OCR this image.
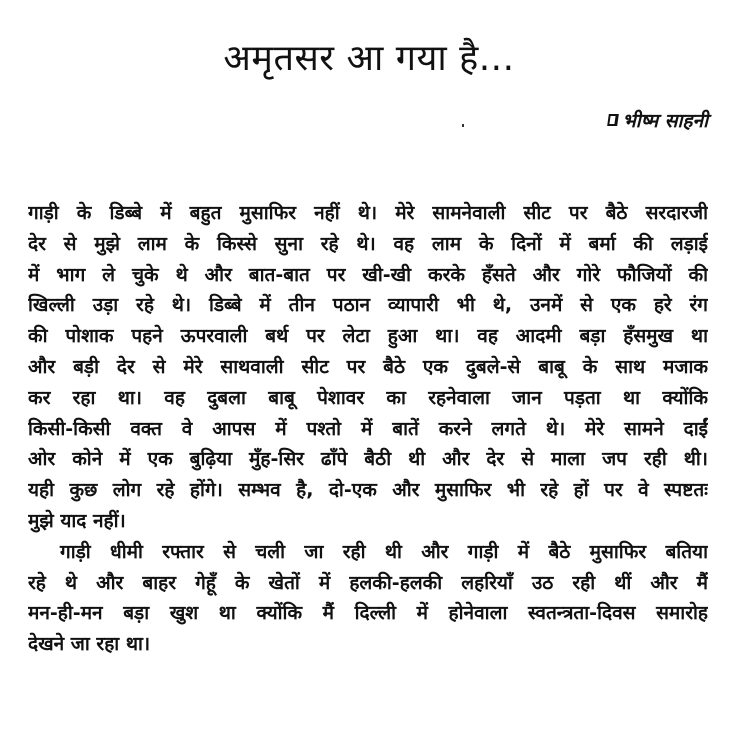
अमृतसर आ गया है...
भीष्म साहनी
गाड़ी के डिब्बे में बहुत मुसाफिर नहीं थे। मेरे सामनेवाली सीट पर बैठे सरदारजी
देर से मुझे लाम के किस्से सुना रहे थे। वह लाम के दिनों में बर्मा की लड़ाई
में भाग ले चुके थे और बात-बात पर खी-खी करके हँसते और गोरे फौजियों की
खिल्ली उड़ा रहे थे। डिब्बे में तीन पठान व्यापारी भी थे, उनमें से एक हरे रंग
की पोशाक पहने ऊपरवाली बर्थ पर लेटा हुआ था। वह आदमी बड़ा हँसमुख था
और बड़ी देर से मेरे साथवाली सीट पर बैठे एक दुबले-से बाबू के साथ मजाक
कर रहा था। वह दुबला बाबू पेशावर का रहनेवाला जान पड़ता था क्योंकि
किसी-किसी वक्त वे आपस में पश्तो में बातें करने लगते थे। मेरे सामने दाईं
ओर कोने में एक बुढ़िया मुँह-सिर ढाँपे बैठी थी और देर से माला जप रही थी।
यही कुछ लोग रहे होंगे। सम्भव है, दो-एक और मुसाफिर भी रहे हों पर वे स्पष्टतः
मुझे याद नहीं।
गाड़ी धीमी रफ्तार से चली जा रही थी और गाड़ी में बैठे मुसाफिर बतिया
रहे थे और बाहर गेहूँ के खेतों में हलकी-हलकी लहरियाँ उठ रही थीं और मैं
मन-ही-मन बड़ा खुश था क्योंकि मैं दिल्ली में होनेवाला स्वतन्त्रता-दिवस समारोह
देखने जा रहा था।
